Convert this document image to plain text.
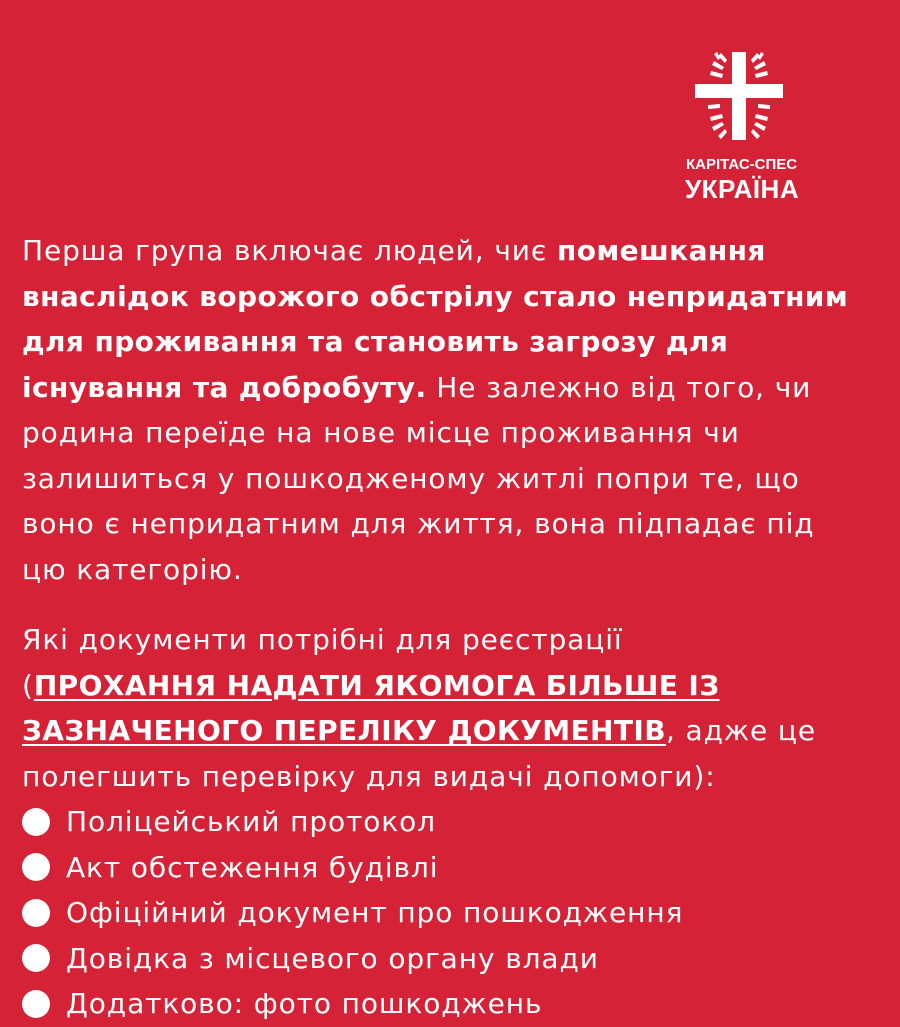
КАРІТАС-СПЕС
УКРАЇНА
Перша група включає людей, чиє помешкання
внаслідок ворожого обстрілу стало непридатним
для проживання та становить загрозу для
існування та добробуту. Не залежно від того, чи
родина переїде на нове місце проживання чи
залишиться у пошкодженому житлі попри те, що
воно є непридатним для життя, вона підпадає під
цю категорію.
Які документи потрібні для реєстрації
(ПРОХАННЯ НАДАТИ ЯКОМОГА БІЛЬШЕ ІЗ
ЗАЗНАЧЕНОГО ПЕРЕЛІКУ ДОКУМЕНТІВ, адже це
полегшить перевірку для видачі допомоги):
Поліцейський протокол
Акт обстеження будівлі
Офіційний документ про пошкодження
Довідка з місцевого органу влади
Додатково: фото пошкоджень
